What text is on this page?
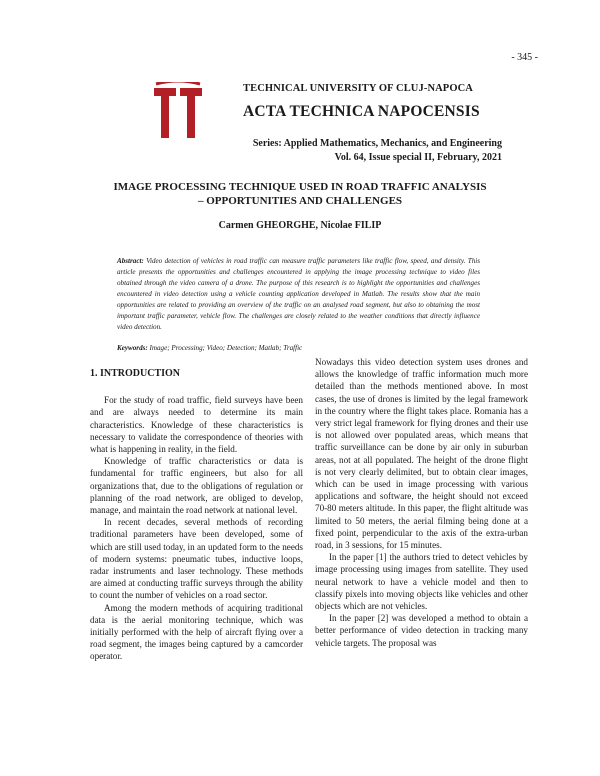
- 345 -
TECHNICAL UNIVERSITY OF CLUJ-NAPOCA
ACTA TECHNICA NAPOCENSIS
Series: Applied Mathematics, Mechanics, and Engineering
Vol. 64, Issue special II, February, 2021
IMAGE PROCESSING TECHNIQUE USED IN ROAD TRAFFIC ANALYSIS
– OPPORTUNITIES AND CHALLENGES
Carmen GHEORGHE, Nicolae FILIP
Abstract: Video detection of vehicles in road traffic can measure traffic parameters like traffic flow, speed, and density. This article presents the opportunities and challenges encountered in applying the image processing technique to video files obtained through the video camera of a drone. The purpose of this research is to highlight the opportunities and challenges encountered in video detection using a vehicle counting application developed in Matlab. The results show that the main opportunities are related to providing an overview of the traffic on an analysed road segment, but also to obtaining the most important traffic parameter, vehicle flow. The challenges are closely related to the weather conditions that directly influence video detection.
Keywords: Image; Processing; Video; Detection; Matlab; Traffic
1. INTRODUCTION

For the study of road traffic, field surveys have been and are always needed to determine its main characteristics. Knowledge of these characteristics is necessary to validate the correspondence of theories with what is happening in reality, in the field.

Knowledge of traffic characteristics or data is fundamental for traffic engineers, but also for all organizations that, due to the obligations of regulation or planning of the road network, are obliged to develop, manage, and maintain the road network at national level.

In recent decades, several methods of recording traditional parameters have been developed, some of which are still used today, in an updated form to the needs of modern systems: pneumatic tubes, inductive loops, radar instruments and laser technology. These methods are aimed at conducting traffic surveys through the ability to count the number of vehicles on a road sector.

Among the modern methods of acquiring traditional data is the aerial monitoring technique, which was initially performed with the help of aircraft flying over a road segment, the images being captured by a camcorder operator.

Nowadays this video detection system uses drones and allows the knowledge of traffic information much more detailed than the methods mentioned above. In most cases, the use of drones is limited by the legal framework in the country where the flight takes place. Romania has a very strict legal framework for flying drones and their use is not allowed over populated areas, which means that traffic surveillance can be done by air only in suburban areas, not at all populated. The height of the drone flight is not very clearly delimited, but to obtain clear images, which can be used in image processing with various applications and software, the height should not exceed 70-80 meters altitude. In this paper, the flight altitude was limited to 50 meters, the aerial filming being done at a fixed point, perpendicular to the axis of the extra-urban road, in 3 sessions, for 15 minutes.

In the paper [1] the authors tried to detect vehicles by image processing using images from satellite. They used neural network to have a vehicle model and then to classify pixels into moving objects like vehicles and other objects which are not vehicles.

In the paper [2] was developed a method to obtain a better performance of video detection in tracking many vehicle targets. The proposal was
